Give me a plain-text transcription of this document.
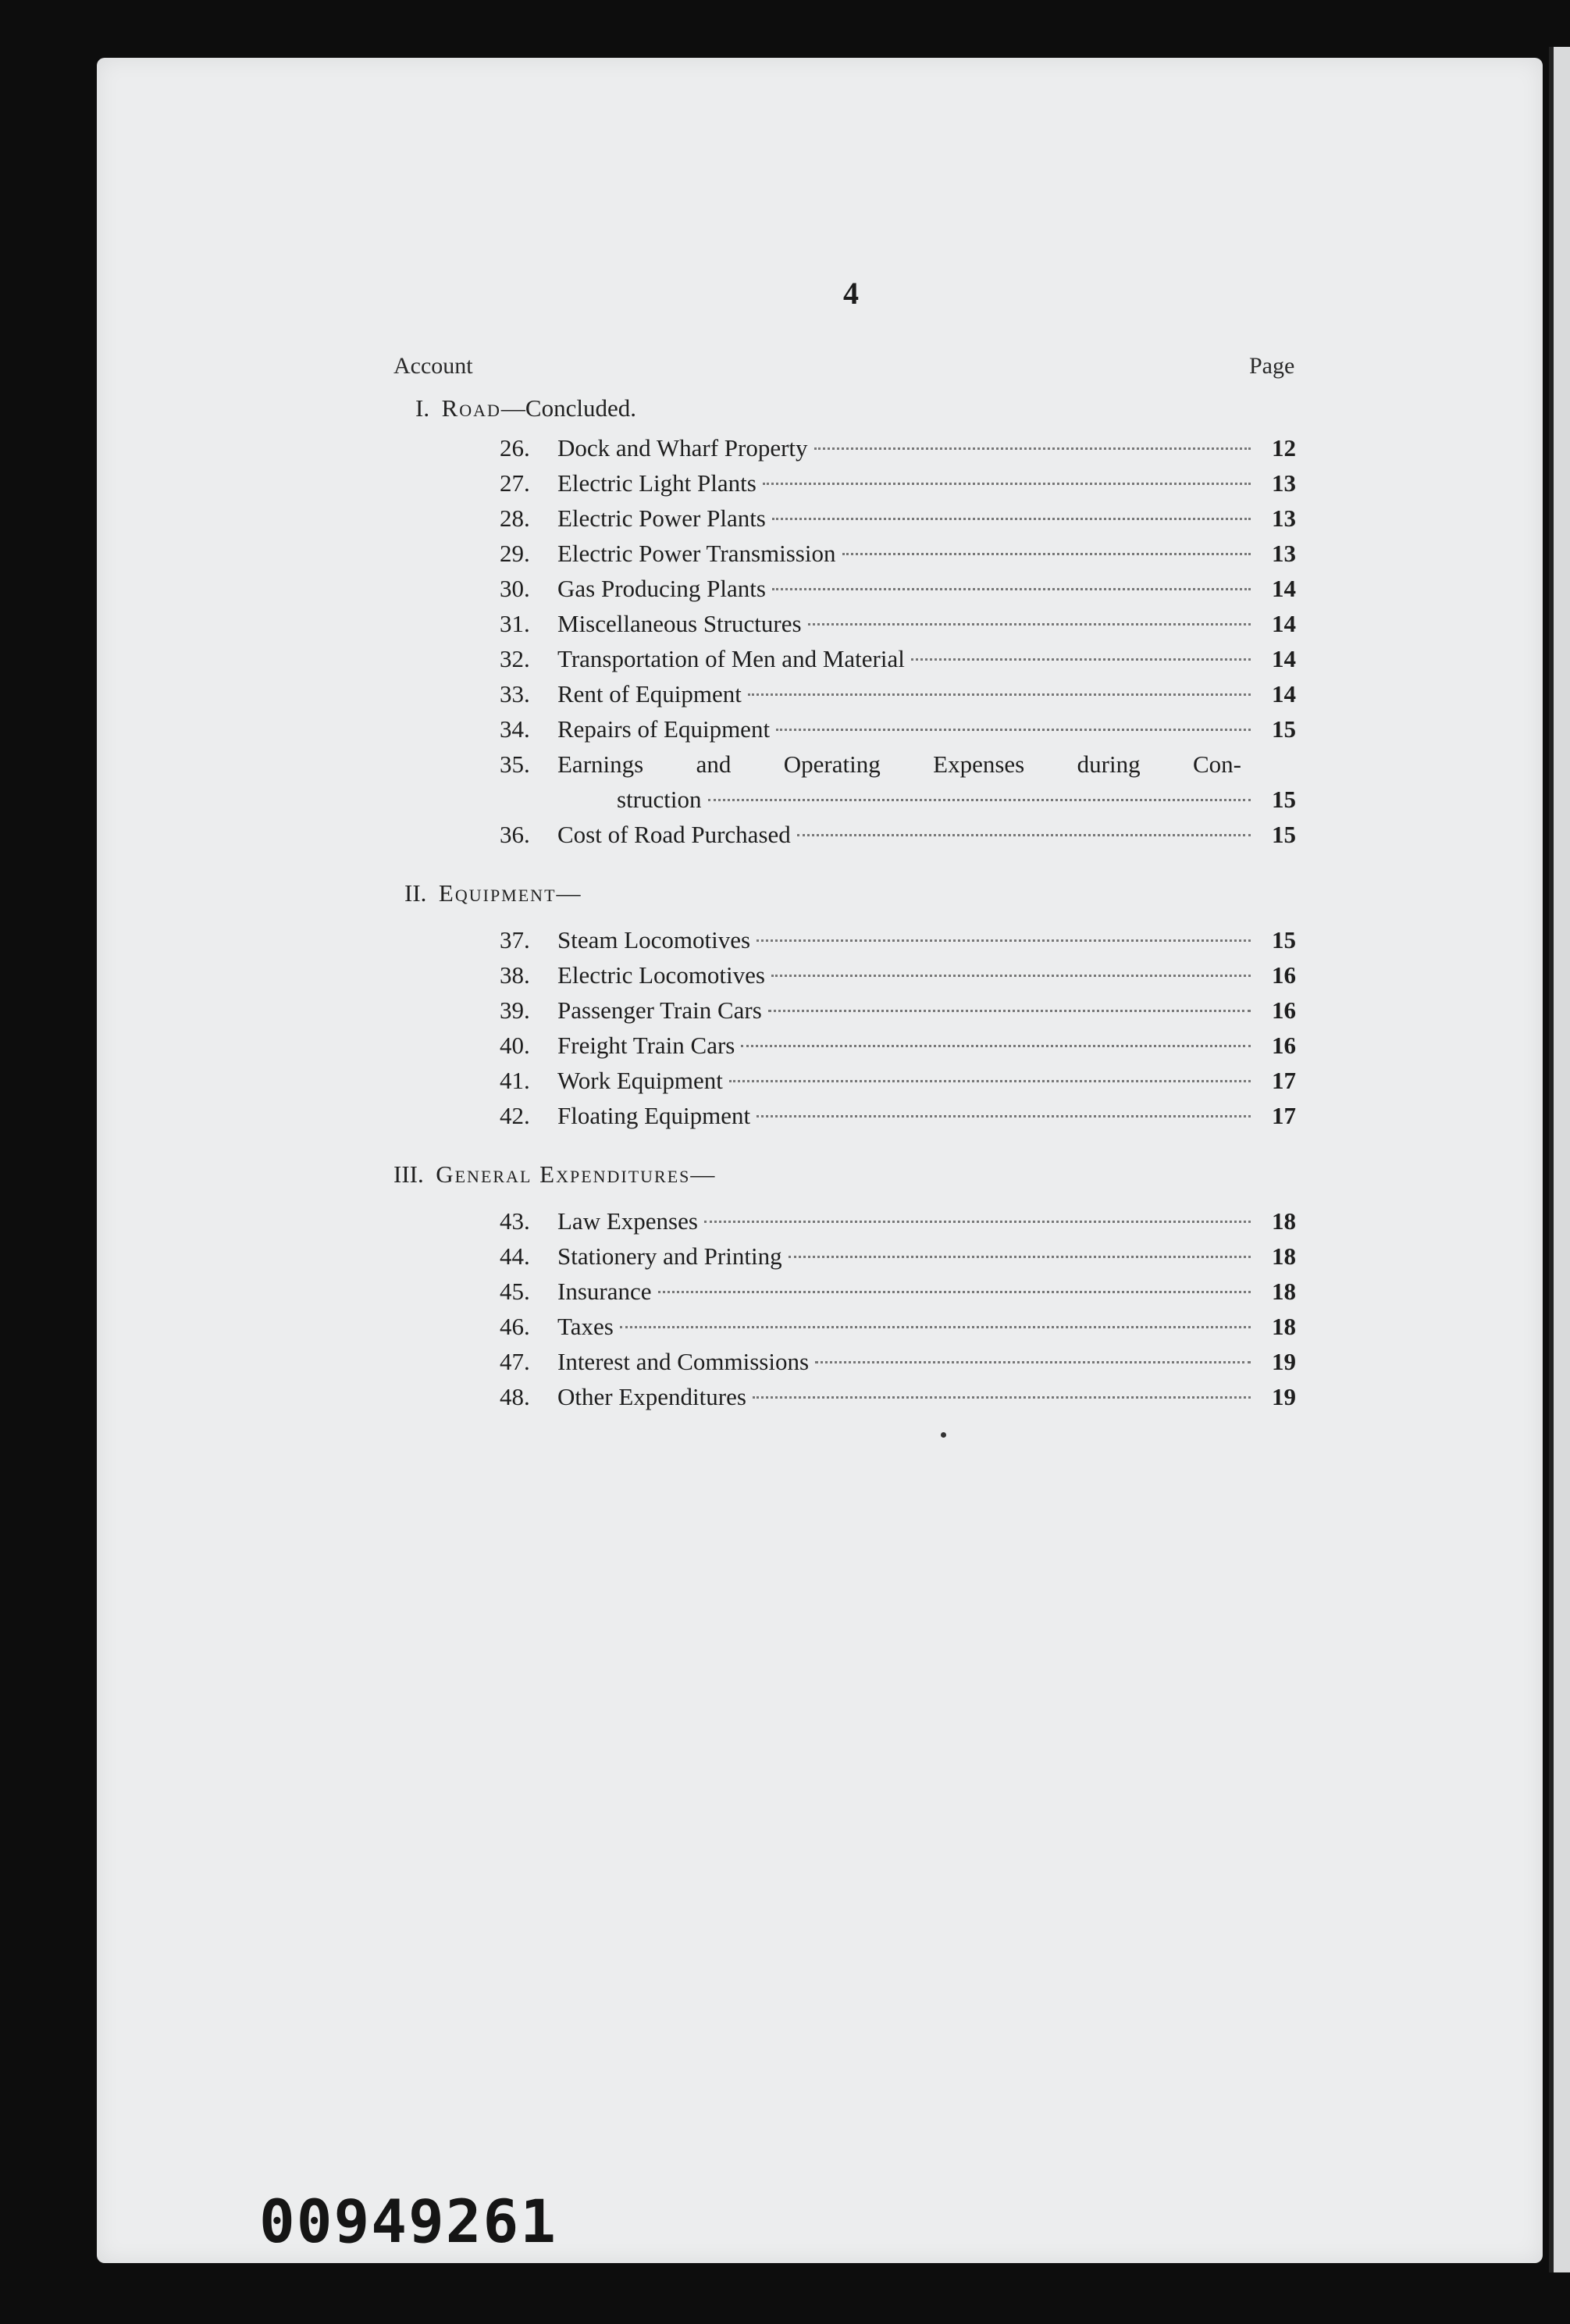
4
Account	Page
I.  Road—Concluded.
26.	Dock and Wharf Property	12
27.	Electric Light Plants	13
28.	Electric Power Plants	13
29.	Electric Power Transmission	13
30.	Gas Producing Plants	14
31.	Miscellaneous Structures	14
32.	Transportation of Men and Material	14
33.	Rent of Equipment	14
34.	Repairs of Equipment	15
35.	Earnings and Operating Expenses during Con-
struction	15
36.	Cost of Road Purchased	15
II.  Equipment—
37.	Steam Locomotives	15
38.	Electric Locomotives	16
39.	Passenger Train Cars	16
40.	Freight Train Cars	16
41.	Work Equipment	17
42.	Floating Equipment	17
III.  General Expenditures—
43.	Law Expenses	18
44.	Stationery and Printing	18
45.	Insurance	18
46.	Taxes	18
47.	Interest and Commissions	19
48.	Other Expenditures	19
00949261
